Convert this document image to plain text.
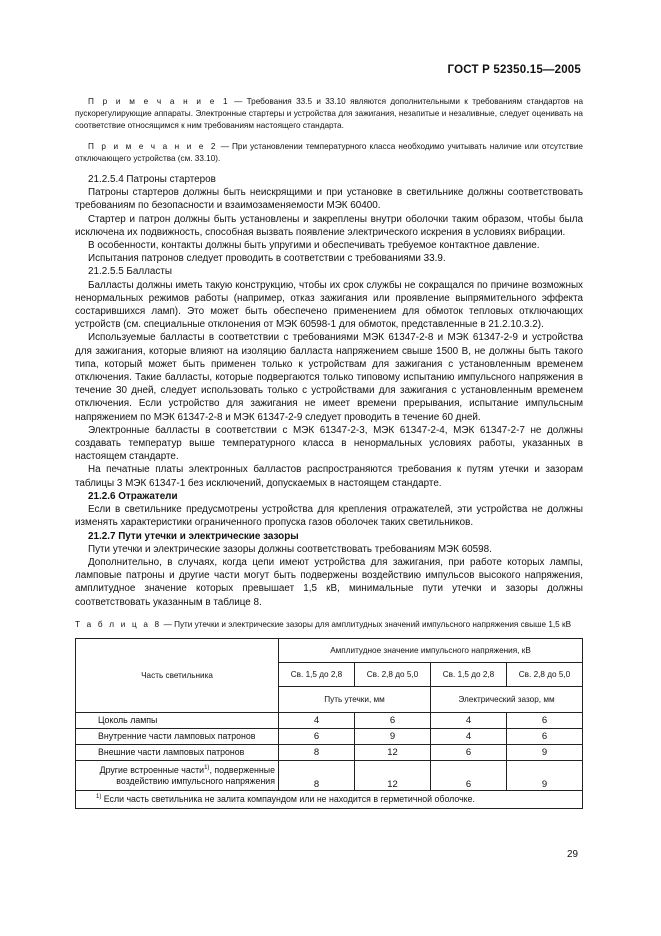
ГОСТ Р 52350.15—2005

П р и м е ч а н и е 1 — Требования 33.5 и 33.10 являются дополнительными к требованиям стандартов на пускорегулирующие аппараты. Электронные стартеры и устройства для зажигания, незапитые и незаливные, следует оценивать на соответствие относящимся к ним требованиям настоящего стандарта.

П р и м е ч а н и е 2 — При установлении температурного класса необходимо учитывать наличие или отсутствие отключающего устройства (см. 33.10).

21.2.5.4 Патроны стартеров

Патроны стартеров должны быть неискрящими и при установке в светильнике должны соответствовать требованиям по безопасности и взаимозаменяемости МЭК 60400.

Стартер и патрон должны быть установлены и закреплены внутри оболочки таким образом, чтобы была исключена их подвижность, способная вызвать появление электрического искрения в условиях вибрации.

В особенности, контакты должны быть упругими и обеспечивать требуемое контактное давление.

Испытания патронов следует проводить в соответствии с требованиями 33.9.

21.2.5.5 Балласты

Балласты должны иметь такую конструкцию, чтобы их срок службы не сокращался по причине возможных ненормальных режимов работы (например, отказ зажигания или проявление выпрямительного эффекта состарившихся ламп). Это может быть обеспечено применением для обмоток тепловых отключающих устройств (см. специальные отклонения от МЭК 60598-1 для обмоток, представленные в 21.2.10.3.2).

Используемые балласты в соответствии с требованиями МЭК 61347-2-8 и МЭК 61347-2-9 и устройства для зажигания, которые влияют на изоляцию балласта напряжением свыше 1500 В, не должны быть такого типа, который может быть применен только к устройствам для зажигания с установленным временем отключения. Такие балласты, которые подвергаются только типовому испытанию импульсного напряжения в течение 30 дней, следует использовать только с устройствами для зажигания с установленным временем отключения. Если устройство для зажигания не имеет времени прерывания, испытание импульсным напряжением по МЭК 61347-2-8 и МЭК 61347-2-9 следует проводить в течение 60 дней.

Электронные балласты в соответствии с МЭК 61347-2-3, МЭК 61347-2-4, МЭК 61347-2-7 не должны создавать температур выше температурного класса в ненормальных условиях работы, указанных в настоящем стандарте.

На печатные платы электронных балластов распространяются требования к путям утечки и зазорам таблицы 3 МЭК 61347-1 без исключений, допускаемых в настоящем стандарте.

21.2.6 Отражатели

Если в светильнике предусмотрены устройства для крепления отражателей, эти устройства не должны изменять характеристики ограниченного пропуска газов оболочек таких светильников.

21.2.7 Пути утечки и электрические зазоры

Пути утечки и электрические зазоры должны соответствовать требованиям МЭК 60598.

Дополнительно, в случаях, когда цепи имеют устройства для зажигания, при работе которых лампы, ламповые патроны и другие части могут быть подвержены воздействию импульсов высокого напряжения, амплитудное значение которых превышает 1,5 кВ, минимальные пути утечки и зазоры должны соответствовать указанным в таблице 8.

Т а б л и ц а 8 — Пути утечки и электрические зазоры для амплитудных значений импульсного напряжения свыше 1,5 кВ
Часть светильника	Амплитудное значение импульсного напряжения, кВ			
	Св. 1,5 до 2,8	Св. 2,8 до 5,0	Св. 1,5 до 2,8	Св. 2,8 до 5,0
	Путь утечки, мм		Электрический зазор, мм	
Цоколь лампы	4	6	4	6
Внутренние части ламповых патронов	6	9	4	6
Внешние части ламповых патронов	8	12	6	9
Другие встроенные части$^{1)}$, подверженные воздействию импульсного напряжения	8	12	6	9
$^{1)}$ Если часть светильника не залита компаундом или не находится в герметичной оболочке.				
29
